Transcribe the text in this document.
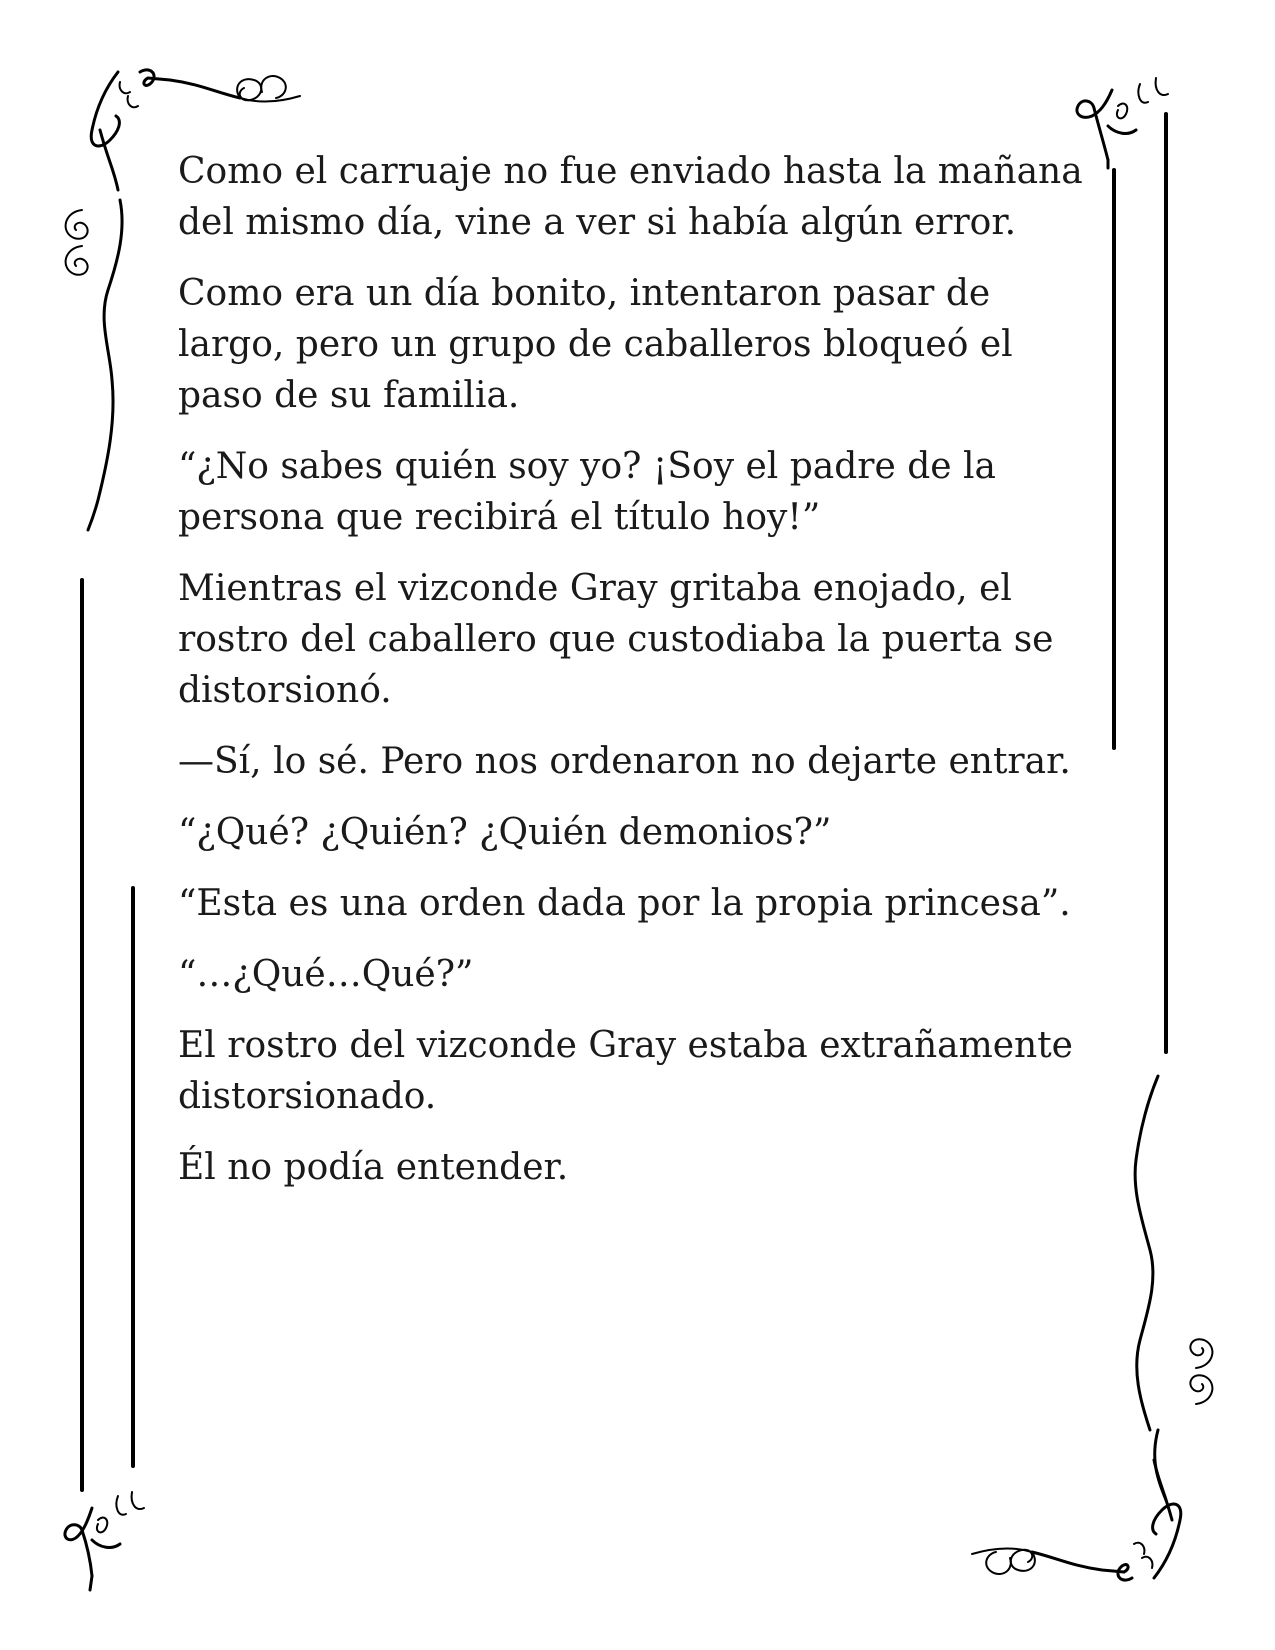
Como el carruaje no fue enviado hasta la mañana del mismo día, vine a ver si había algún error.

Como era un día bonito, intentaron pasar de largo, pero un grupo de caballeros bloqueó el paso de su familia.

“¿No sabes quién soy yo? ¡Soy el padre de la persona que recibirá el título hoy!”

Mientras el vizconde Gray gritaba enojado, el rostro del caballero que custodiaba la puerta se distorsionó.

—Sí, lo sé. Pero nos ordenaron no dejarte entrar.

“¿Qué? ¿Quién? ¿Quién demonios?”

“Esta es una orden dada por la propia princesa”.

“…¿Qué…Qué?”

El rostro del vizconde Gray estaba extrañamente distorsionado.

Él no podía entender.
